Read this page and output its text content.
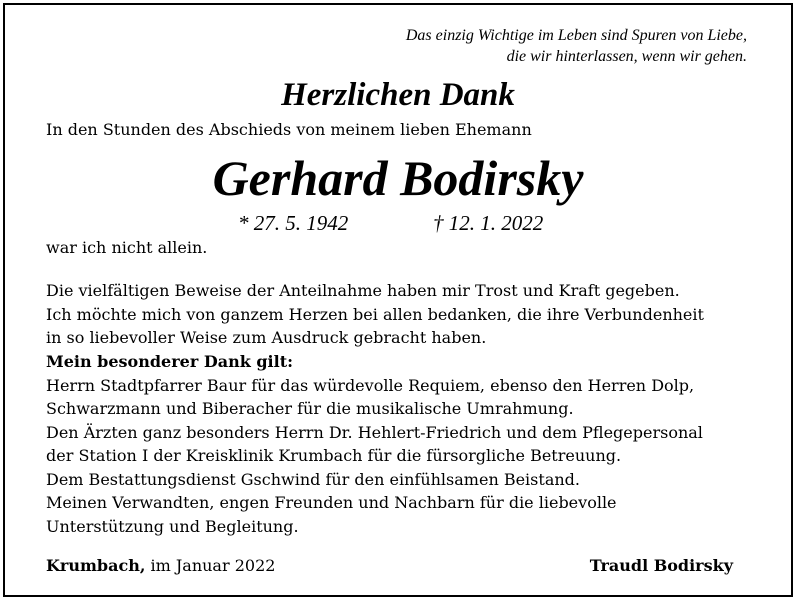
Das einzig Wichtige im Leben sind Spuren von Liebe,
die wir hinterlassen, wenn wir gehen.
Herzlichen Dank
In den Stunden des Abschieds von meinem lieben Ehemann
Gerhard Bodirsky
* 27. 5. 1942	† 12. 1. 2022
war ich nicht allein.
Die vielfältigen Beweise der Anteilnahme haben mir Trost und Kraft gegeben.
Ich möchte mich von ganzem Herzen bei allen bedanken, die ihre Verbundenheit
in so liebevoller Weise zum Ausdruck gebracht haben.
Mein besonderer Dank gilt:
Herrn Stadtpfarrer Baur für das würdevolle Requiem, ebenso den Herren Dolp,
Schwarzmann und Biberacher für die musikalische Umrahmung.
Den Ärzten ganz besonders Herrn Dr. Hehlert-Friedrich und dem Pflegepersonal
der Station I der Kreisklinik Krumbach für die fürsorgliche Betreuung.
Dem Bestattungsdienst Gschwind für den einfühlsamen Beistand.
Meinen Verwandten, engen Freunden und Nachbarn für die liebevolle
Unterstützung und Begleitung.
Krumbach, im Januar 2022	Traudl Bodirsky
